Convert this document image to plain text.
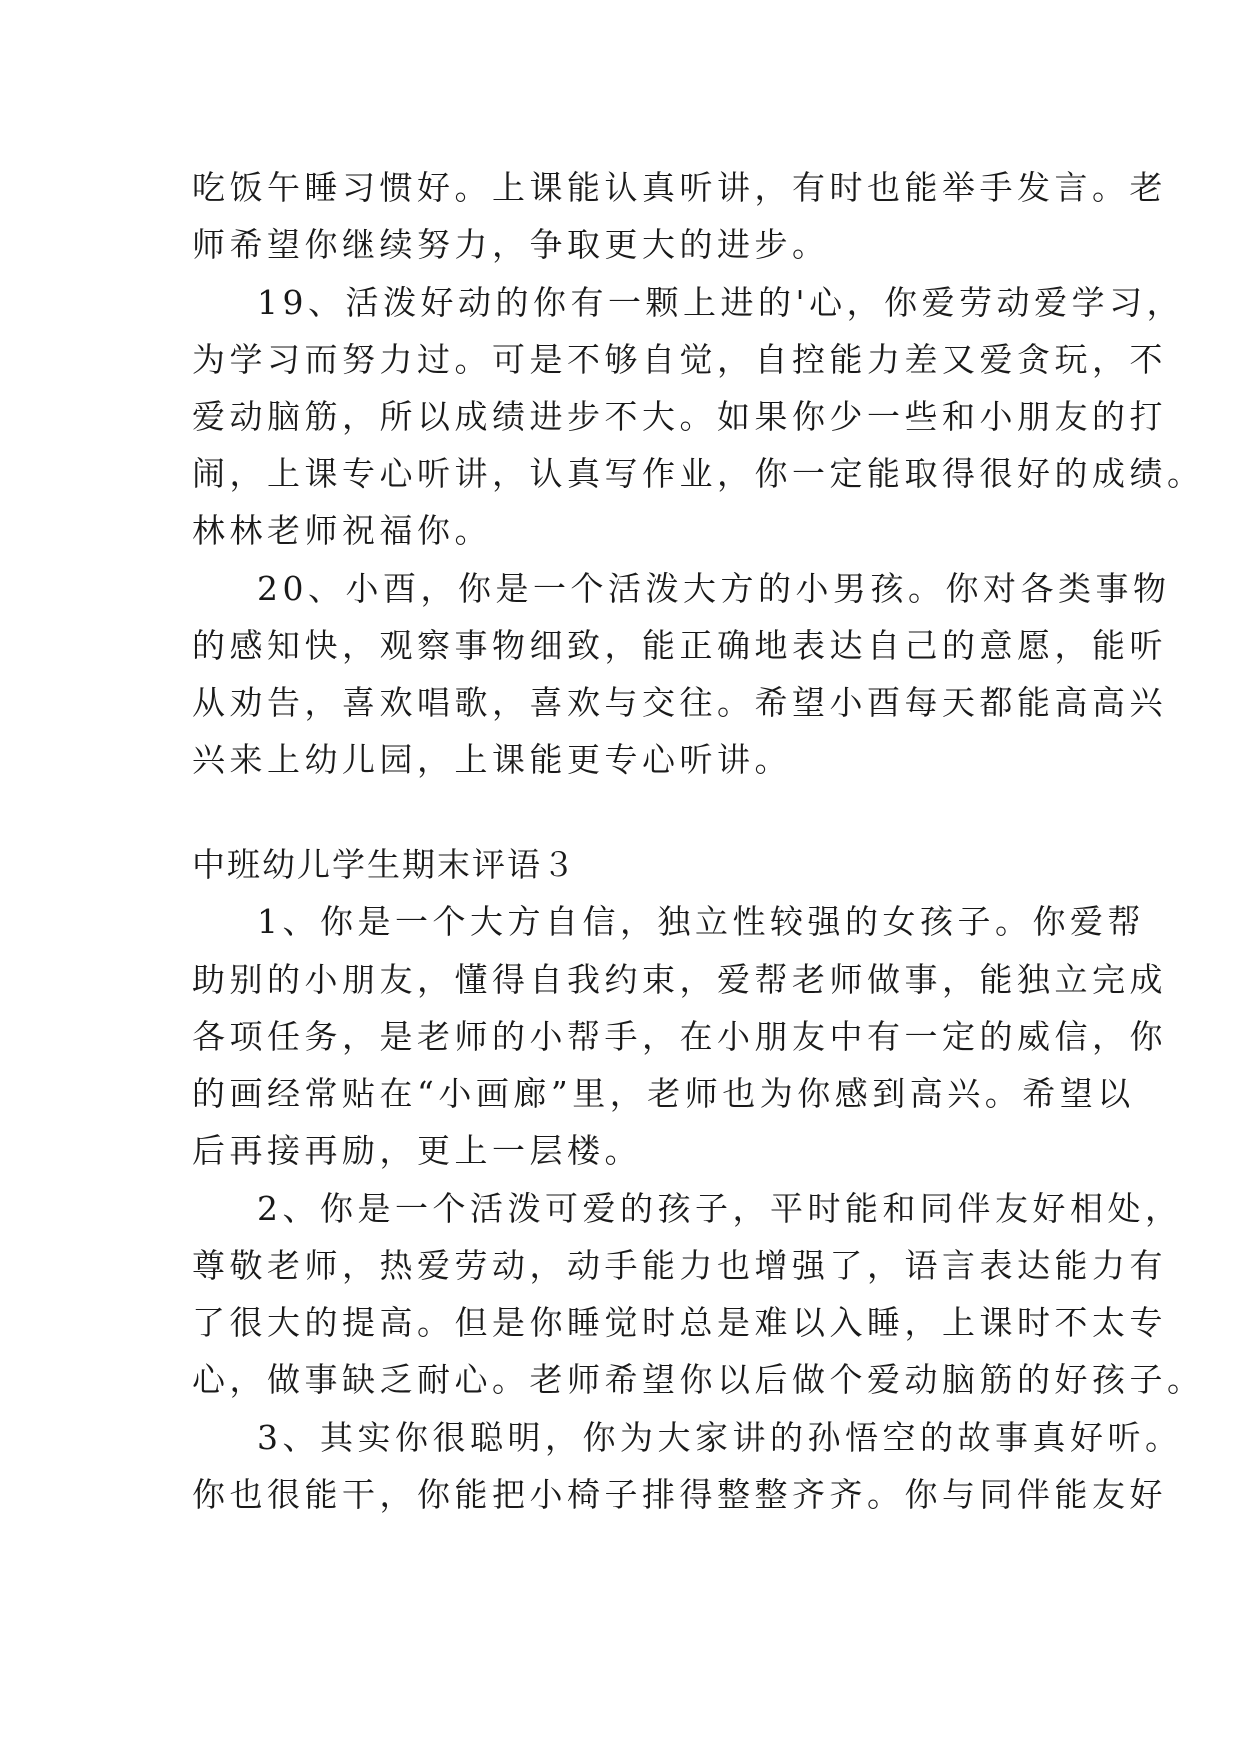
吃饭午睡习惯好。上课能认真听讲，有时也能举手发言。老
师希望你继续努力，争取更大的进步。
19、活泼好动的你有一颗上进的'心，你爱劳动爱学习，
为学习而努力过。可是不够自觉，自控能力差又爱贪玩，不
爱动脑筋，所以成绩进步不大。如果你少一些和小朋友的打
闹，上课专心听讲，认真写作业，你一定能取得很好的成绩。
林林老师祝福你。
20、小酉，你是一个活泼大方的小男孩。你对各类事物
的感知快，观察事物细致，能正确地表达自己的意愿，能听
从劝告，喜欢唱歌，喜欢与交往。希望小酉每天都能高高兴
兴来上幼儿园，上课能更专心听讲。
中班幼儿学生期末评语３
1、你是一个大方自信，独立性较强的女孩子。你爱帮
助别的小朋友，懂得自我约束，爱帮老师做事，能独立完成
各项任务，是老师的小帮手，在小朋友中有一定的威信，你
的画经常贴在“小画廊”里，老师也为你感到高兴。希望以
后再接再励，更上一层楼。
2、你是一个活泼可爱的孩子，平时能和同伴友好相处，
尊敬老师，热爱劳动，动手能力也增强了，语言表达能力有
了很大的提高。但是你睡觉时总是难以入睡，上课时不太专
心，做事缺乏耐心。老师希望你以后做个爱动脑筋的好孩子。
3、其实你很聪明，你为大家讲的孙悟空的故事真好听。
你也很能干，你能把小椅子排得整整齐齐。你与同伴能友好
